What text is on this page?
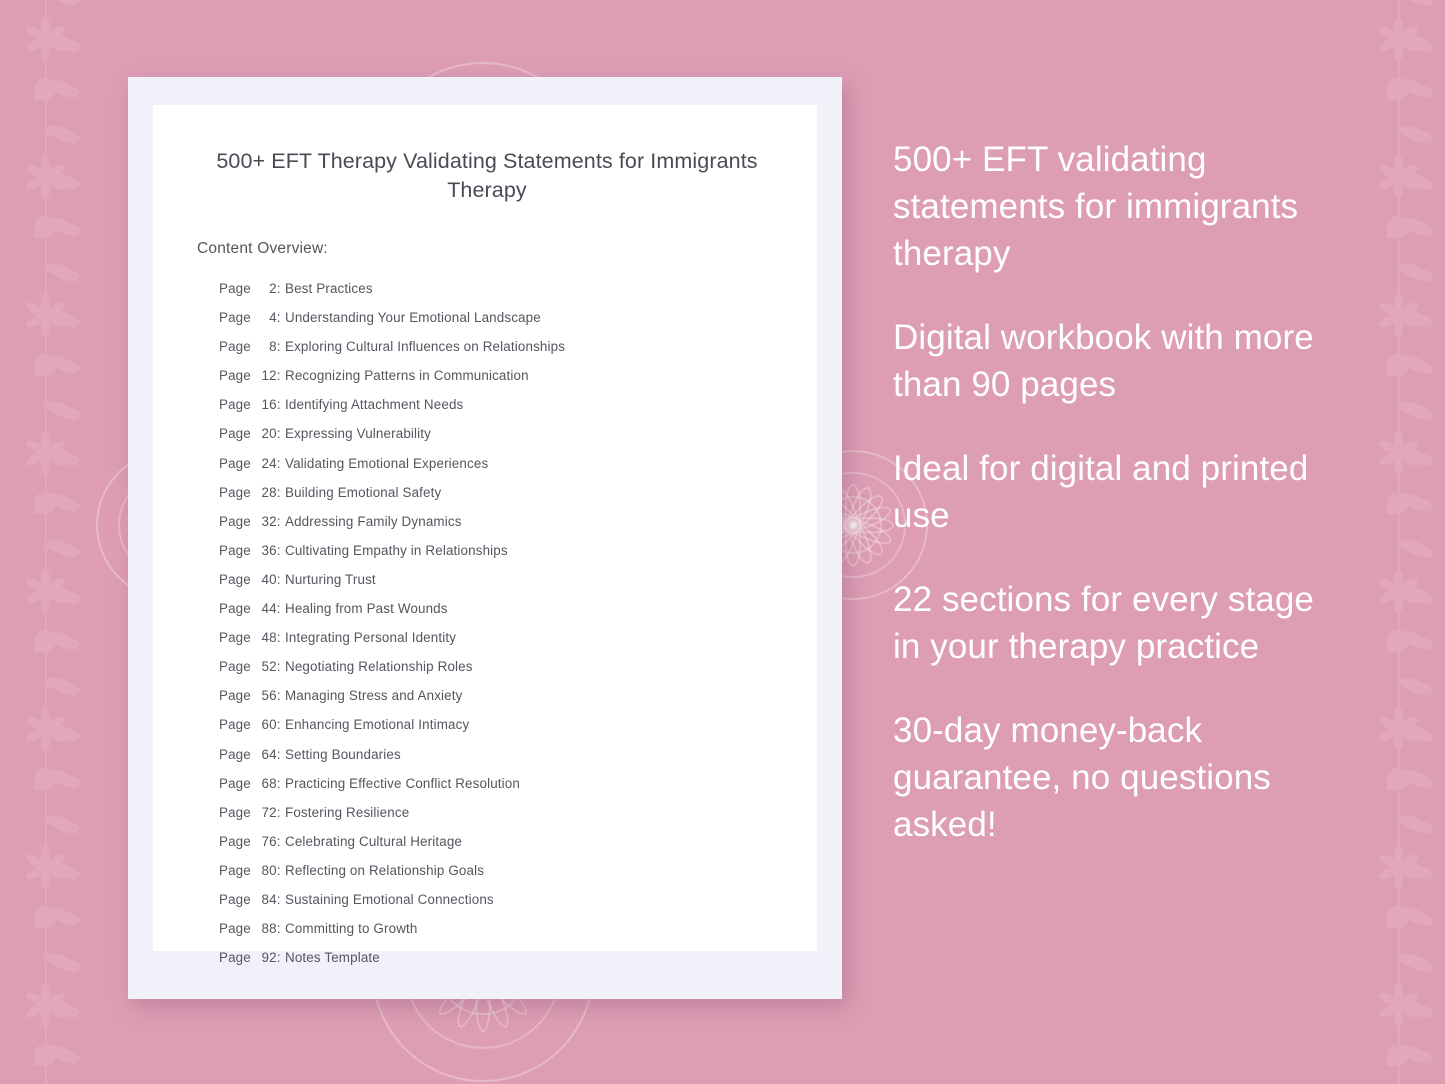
500+ EFT Therapy Validating Statements for Immigrants Therapy
Content Overview:
Page 2: Best Practices
Page 4: Understanding Your Emotional Landscape
Page 8: Exploring Cultural Influences on Relationships
Page 12: Recognizing Patterns in Communication
Page 16: Identifying Attachment Needs
Page 20: Expressing Vulnerability
Page 24: Validating Emotional Experiences
Page 28: Building Emotional Safety
Page 32: Addressing Family Dynamics
Page 36: Cultivating Empathy in Relationships
Page 40: Nurturing Trust
Page 44: Healing from Past Wounds
Page 48: Integrating Personal Identity
Page 52: Negotiating Relationship Roles
Page 56: Managing Stress and Anxiety
Page 60: Enhancing Emotional Intimacy
Page 64: Setting Boundaries
Page 68: Practicing Effective Conflict Resolution
Page 72: Fostering Resilience
Page 76: Celebrating Cultural Heritage
Page 80: Reflecting on Relationship Goals
Page 84: Sustaining Emotional Connections
Page 88: Committing to Growth
Page 92: Notes Template
500+ EFT validating statements for immigrants therapy
Digital workbook with more than 90 pages
Ideal for digital and printed use
22 sections for every stage in your therapy practice
30-day money-back guarantee, no questions asked!
